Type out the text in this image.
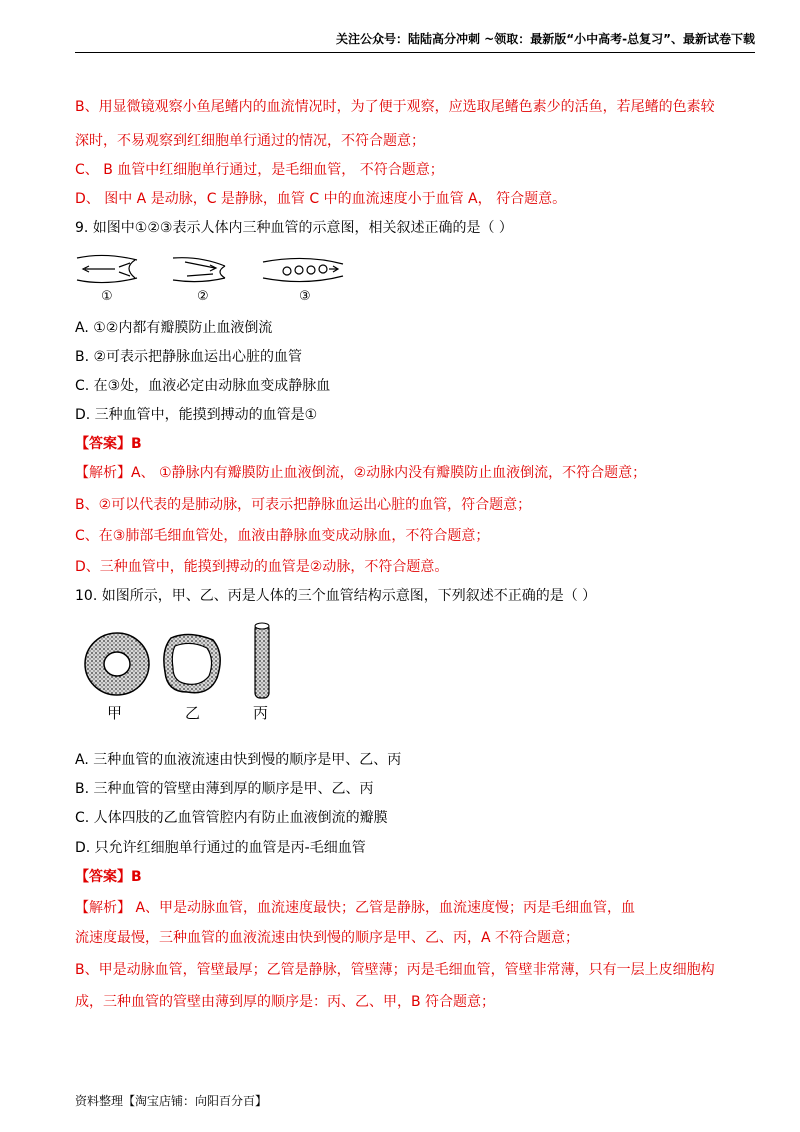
关注公众号：陆陆高分冲刺 ~领取：最新版“小中高考-总复习”、最新试卷下载
B、用显微镜观察小鱼尾鳍内的血流情况时，为了便于观察，应选取尾鳍色素少的活鱼，若尾鳍的色素较
深时，不易观察到红细胞单行通过的情况，不符合题意；
C、 B 血管中红细胞单行通过，是毛细血管， 不符合题意；
D、 图中 A 是动脉，C 是静脉，血管 C 中的血流速度小于血管 A， 符合题意。
9. 如图中①②③表示人体内三种血管的示意图，相关叙述正确的是（ ）
①	②	③
A. ①②内都有瓣膜防止血液倒流
B. ②可表示把静脉血运出心脏的血管
C. 在③处，血液必定由动脉血变成静脉血
D. 三种血管中，能摸到搏动的血管是①
【答案】B
【解析】A、 ①静脉内有瓣膜防止血液倒流，②动脉内没有瓣膜防止血液倒流，不符合题意；
B、②可以代表的是肺动脉，可表示把静脉血运出心脏的血管，符合题意；
C、在③肺部毛细血管处，血液由静脉血变成动脉血，不符合题意；
D、三种血管中，能摸到搏动的血管是②动脉，不符合题意。
10. 如图所示，甲、乙、丙是人体的三个血管结构示意图，下列叙述不正确的是（ ）
甲	乙	丙
A. 三种血管的血液流速由快到慢的顺序是甲、乙、丙
B. 三种血管的管壁由薄到厚的顺序是甲、乙、丙
C. 人体四肢的乙血管管腔内有防止血液倒流的瓣膜
D. 只允许红细胞单行通过的血管是丙-毛细血管
【答案】B
【解析】 A、甲是动脉血管，血流速度最快；乙管是静脉，血流速度慢；丙是毛细血管，血
流速度最慢，三种血管的血液流速由快到慢的顺序是甲、乙、丙，A 不符合题意；
B、甲是动脉血管，管壁最厚；乙管是静脉，管壁薄；丙是毛细血管，管壁非常薄，只有一层上皮细胞构
成，三种血管的管壁由薄到厚的顺序是：丙、乙、甲，B 符合题意；
资料整理【淘宝店铺：向阳百分百】
